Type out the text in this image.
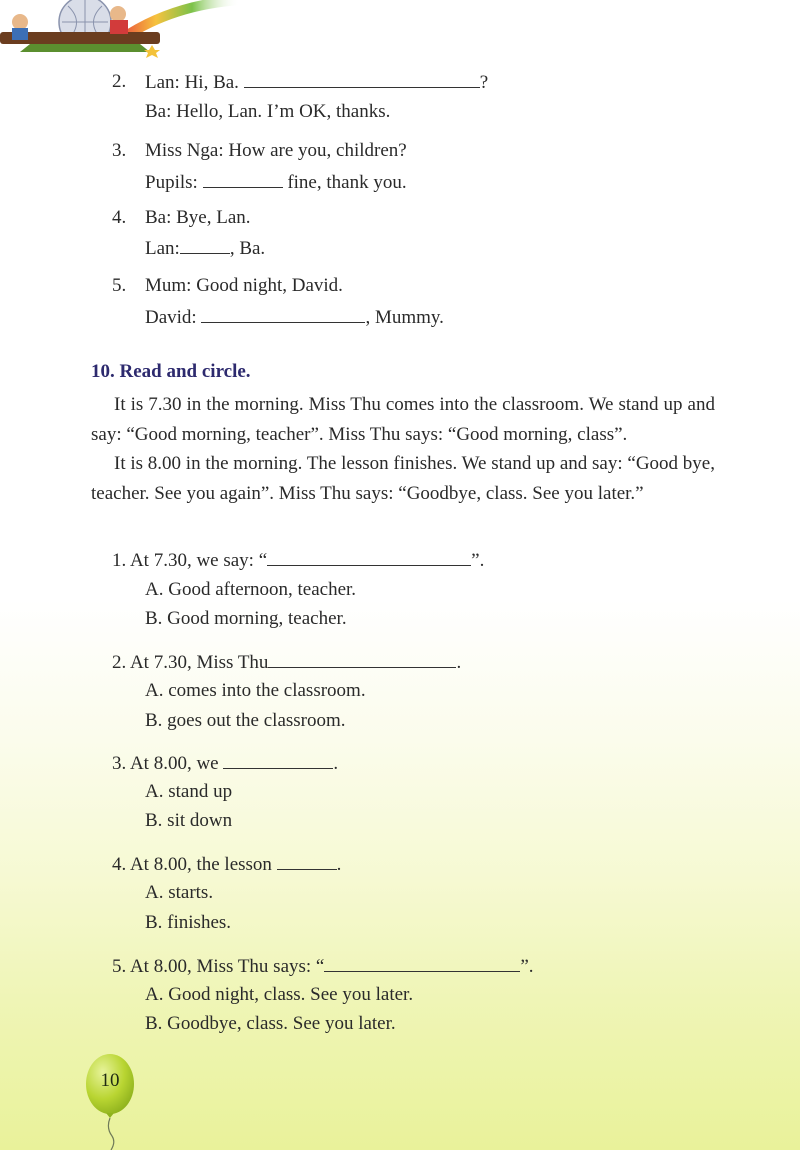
2. Lan: Hi, Ba.	?
Ba: Hello, Lan. I’m OK, thanks.
3. Miss Nga: How are you, children?
Pupils:	fine, thank you.
4. Ba: Bye, Lan.
Lan:	, Ba.
5. Mum: Good night, David.
David:	, Mummy.
10. Read and circle.
It is 7.30 in the morning. Miss Thu comes into the classroom. We stand up and say: “Good morning, teacher”. Miss Thu says: “Good morning, class”.
It is 8.00 in the morning. The lesson finishes. We stand up and say: “Good bye, teacher. See you again”. Miss Thu says: “Goodbye, class. See you later.”
1. At 7.30, we say: “	”.
A. Good afternoon, teacher.
B. Good morning, teacher.
2. At 7.30, Miss Thu	.
A. comes into the classroom.
B. goes out the classroom.
3. At 8.00, we	.
A. stand up
B. sit down
4. At 8.00, the lesson	.
A. starts.
B. finishes.
5. At 8.00, Miss Thu says: “	”.
A. Good night, class. See you later.
B. Goodbye, class. See you later.
10
